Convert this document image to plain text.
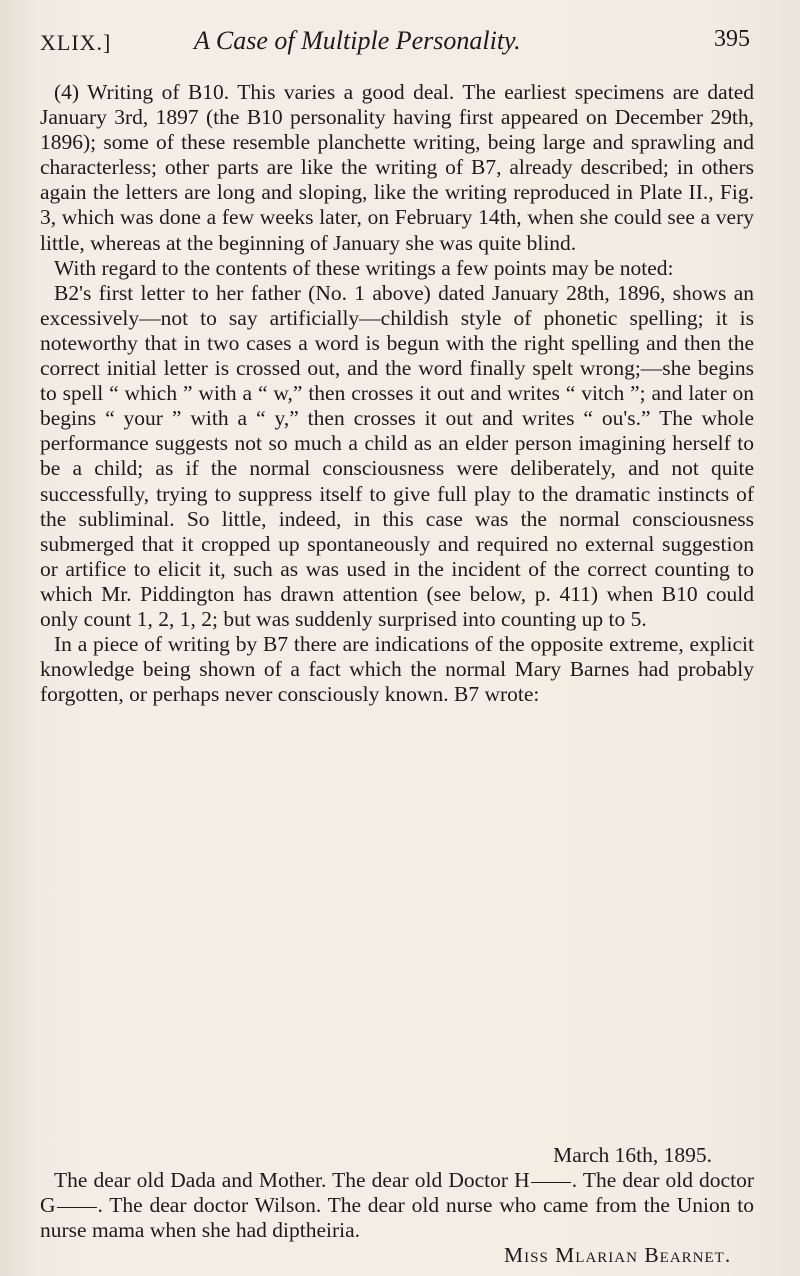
XLIX.]	A Case of Multiple Personality.	395

(4) Writing of B10. This varies a good deal. The earliest specimens are dated January 3rd, 1897 (the B10 personality having first appeared on December 29th, 1896); some of these resemble planchette writing, being large and sprawling and characterless; other parts are like the writing of B7, already described; in others again the letters are long and sloping, like the writing reproduced in Plate II., Fig. 3, which was done a few weeks later, on February 14th, when she could see a very little, whereas at the beginning of January she was quite blind.

With regard to the contents of these writings a few points may be noted:

B2's first letter to her father (No. 1 above) dated January 28th, 1896, shows an excessively—not to say artificially—childish style of phonetic spelling; it is noteworthy that in two cases a word is begun with the right spelling and then the correct initial letter is crossed out, and the word finally spelt wrong;—she begins to spell “ which ” with a “ w,” then crosses it out and writes “ vitch ”; and later on begins “ your ” with a “ y,” then crosses it out and writes “ ou's.” The whole performance suggests not so much a child as an elder person imagining herself to be a child; as if the normal consciousness were deliberately, and not quite successfully, trying to suppress itself to give full play to the dramatic instincts of the subliminal. So little, indeed, in this case was the normal consciousness submerged that it cropped up spontaneously and required no external suggestion or artifice to elicit it, such as was used in the incident of the correct counting to which Mr. Piddington has drawn attention (see below, p. 411) when B10 could only count 1, 2, 1, 2; but was suddenly surprised into counting up to 5.

In a piece of writing by B7 there are indications of the opposite extreme, explicit knowledge being shown of a fact which the normal Mary Barnes had probably forgotten, or perhaps never consciously known. B7 wrote:

March 16th, 1895.
The dear old Dada and Mother. The dear old Doctor H . The dear old doctor G . The dear doctor Wilson. The dear old nurse who came from the Union to nurse mama when she had diptheiria.
Miss Mlarian Bearnet.
